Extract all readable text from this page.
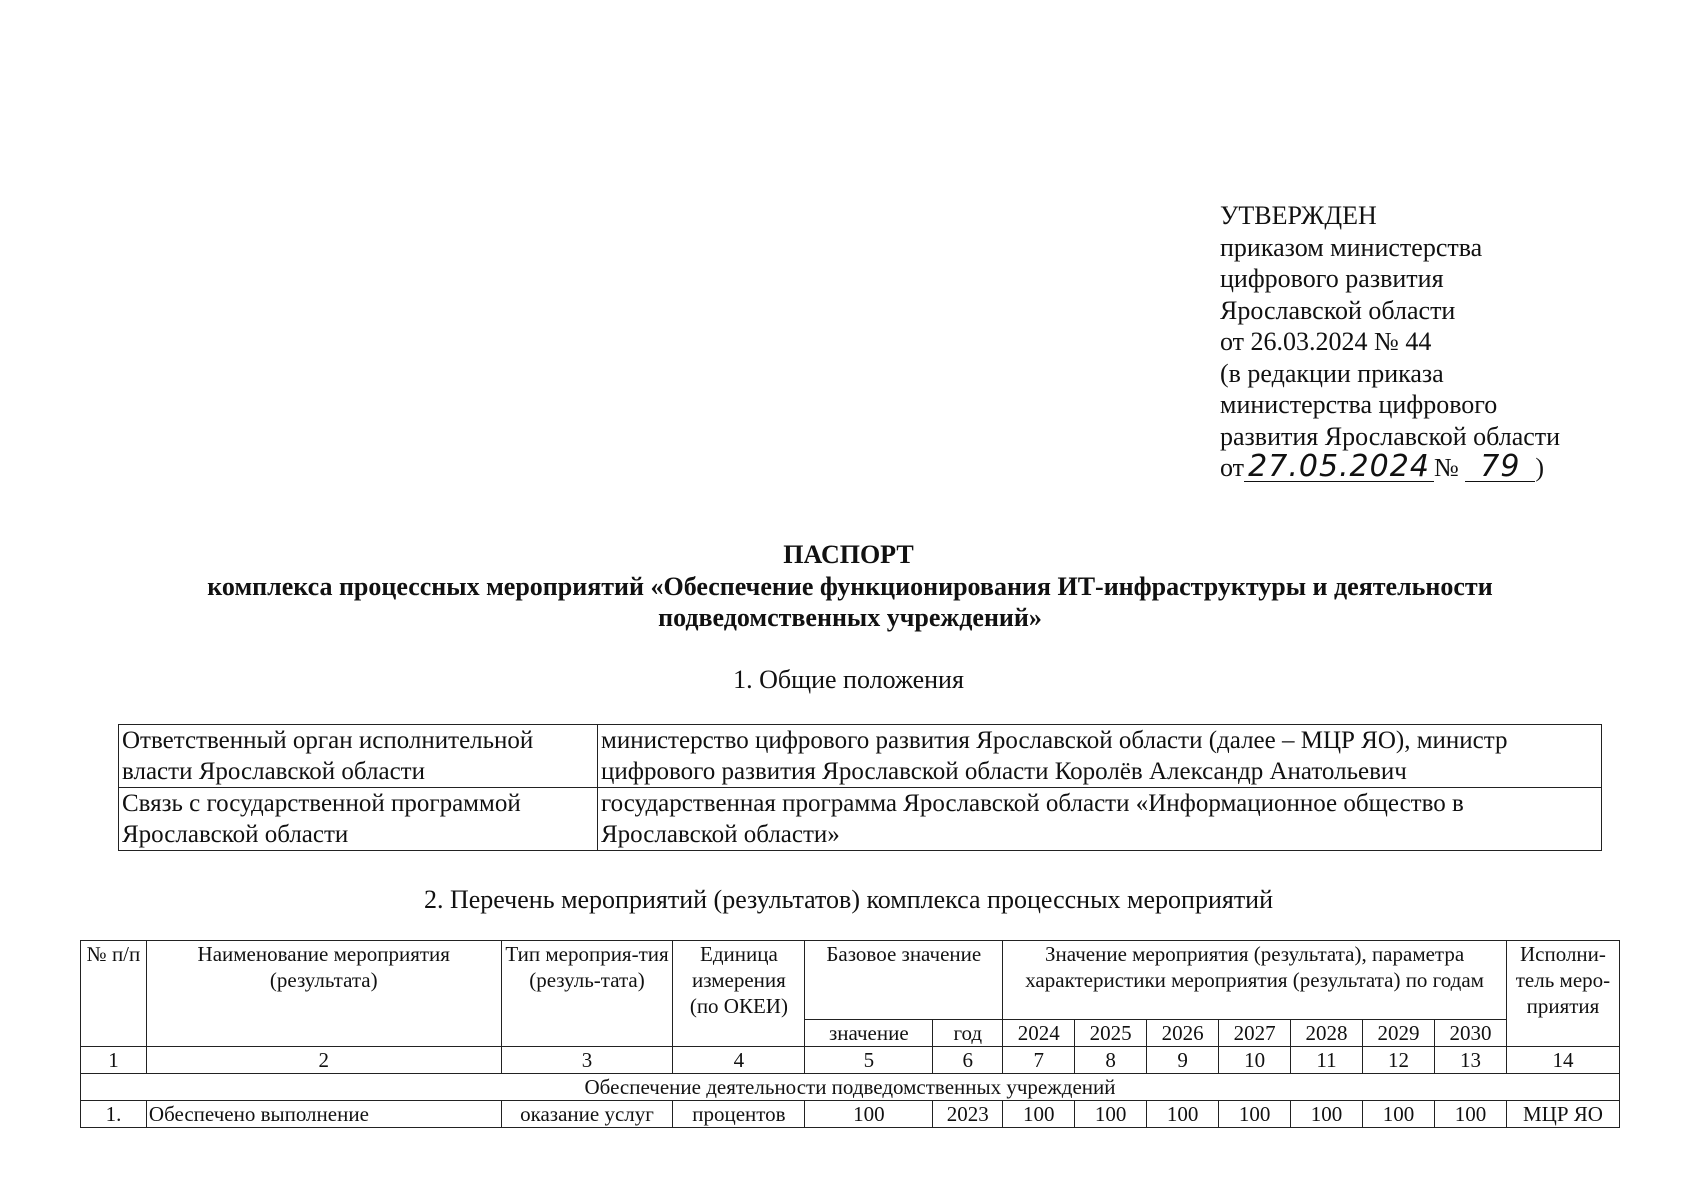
УТВЕРЖДЕН
приказом министерства
цифрового развития
Ярославской области
от 26.03.2024 № 44
(в редакции приказа
министерства цифрового
развития Ярославской области
от 27.05.2024 № 79 )
ПАСПОРТ
комплекса процессных мероприятий «Обеспечение функционирования ИТ-инфраструктуры и деятельности подведомственных учреждений»
1. Общие положения
Ответственный орган исполнительной власти Ярославской области	министерство цифрового развития Ярославской области (далее – МЦР ЯО), министр цифрового развития Ярославской области Королёв Александр Анатольевич
Связь с государственной программой Ярославской области	государственная программа Ярославской области «Информационное общество в Ярославской области»
2. Перечень мероприятий (результатов) комплекса процессных мероприятий
№ п/п	Наименование мероприятия (результата)	Тип мероприя-тия (резуль-тата)	Единица измерения (по ОКЕИ)	Базовое значение		Значение мероприятия (результата), параметра характеристики мероприятия (результата) по годам							Исполни-тель меро-приятия
				значение	год	2024	2025	2026	2027	2028	2029	2030	
1	2	3	4	5	6	7	8	9	10	11	12	13	14
Обеспечение деятельности подведомственных учреждений													
1.	Обеспечено выполнение	оказание услуг	процентов	100	2023	100	100	100	100	100	100	100	МЦР ЯО
